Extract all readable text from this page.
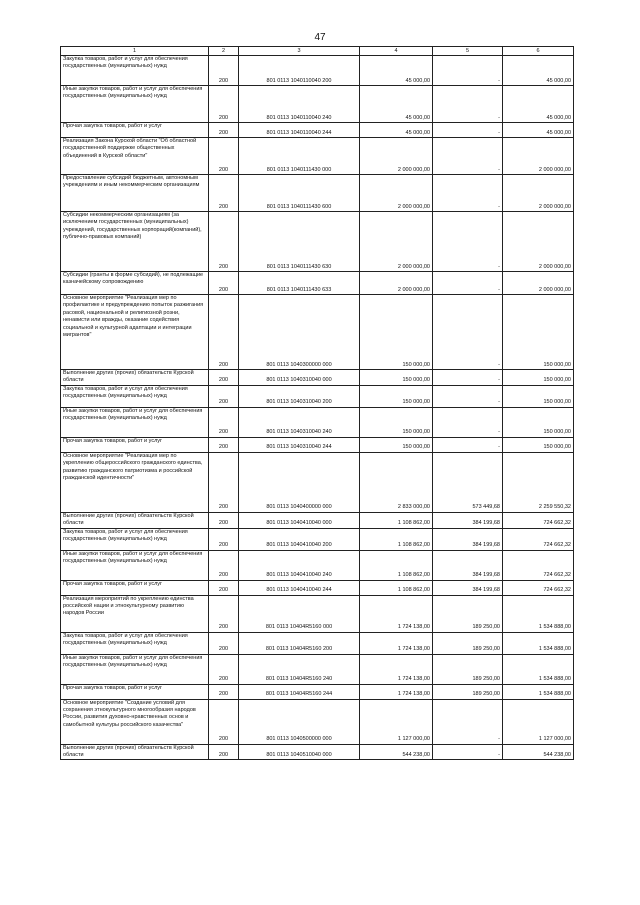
47
1	2	3	4	5	6
Закупка товаров, работ и услуг для обеспечения государственных (муниципальных) нужд	200	801 0113 1040110040 200	45 000,00	-	45 000,00
Иные закупки товаров, работ и услуг для обеспечения государственных (муниципальных) нужд	200	801 0113 1040110040 240	45 000,00	-	45 000,00
Прочая закупка товаров, работ и услуг	200	801 0113 1040110040 244	45 000,00	-	45 000,00
Реализация Закона Курской области "Об областной государственной поддержке общественных объединений в Курской области"	200	801 0113 1040111430 000	2 000 000,00	-	2 000 000,00
Предоставление субсидий бюджетным, автономным учреждениям и иным некоммерческим организациям	200	801 0113 1040111430 600	2 000 000,00	-	2 000 000,00
Субсидии некоммерческим организациям (за исключением государственных (муниципальных) учреждений, государственных корпораций(компаний), публично-правовых компаний)	200	801 0113 1040111430 630	2 000 000,00	-	2 000 000,00
Субсидии (гранты в форме субсидий), не подлежащие казначейскому сопровождению	200	801 0113 1040111430 633	2 000 000,00	-	2 000 000,00
Основное мероприятие "Реализация мер по профилактике и предупреждению попыток разжигания расовой, национальной и религиозной розни, ненависти или вражды, оказание содействия социальной и культурной адаптации и интеграции мигрантов"	200	801 0113 1040300000 000	150 000,00	-	150 000,00
Выполнение других (прочих) обязательств Курской области	200	801 0113 1040310040 000	150 000,00	-	150 000,00
Закупка товаров, работ и услуг для обеспечения государственных (муниципальных) нужд	200	801 0113 1040310040 200	150 000,00	-	150 000,00
Иные закупки товаров, работ и услуг для обеспечения государственных (муниципальных) нужд	200	801 0113 1040310040 240	150 000,00	-	150 000,00
Прочая закупка товаров, работ и услуг	200	801 0113 1040310040 244	150 000,00	-	150 000,00
Основное мероприятие "Реализация мер по укреплению общероссийского гражданского единства, развитию гражданского патриотизма и российской гражданской идентичности"	200	801 0113 1040400000 000	2 833 000,00	573 449,68	2 259 550,32
Выполнение других (прочих) обязательств Курской области	200	801 0113 1040410040 000	1 108 862,00	384 199,68	724 662,32
Закупка товаров, работ и услуг для обеспечения государственных (муниципальных) нужд	200	801 0113 1040410040 200	1 108 862,00	384 199,68	724 662,32
Иные закупки товаров, работ и услуг для обеспечения государственных (муниципальных) нужд	200	801 0113 1040410040 240	1 108 862,00	384 199,68	724 662,32
Прочая закупка товаров, работ и услуг	200	801 0113 1040410040 244	1 108 862,00	384 199,68	724 662,32
Реализация мероприятий по укреплению единства российской нации и этнокультурному развитию народов России	200	801 0113 10404R5160 000	1 724 138,00	189 250,00	1 534 888,00
Закупка товаров, работ и услуг для обеспечения государственных (муниципальных) нужд	200	801 0113 10404R5160 200	1 724 138,00	189 250,00	1 534 888,00
Иные закупки товаров, работ и услуг для обеспечения государственных (муниципальных) нужд	200	801 0113 10404R5160 240	1 724 138,00	189 250,00	1 534 888,00
Прочая закупка товаров, работ и услуг	200	801 0113 10404R5160 244	1 724 138,00	189 250,00	1 534 888,00
Основное мероприятие "Создание условий для сохранения этнокультурного многообразия народов России, развития духовно-нравственных основ и самобытной культуры российского казачества"	200	801 0113 1040500000 000	1 127 000,00	-	1 127 000,00
Выполнение других (прочих) обязательств Курской области	200	801 0113 1040510040 000	544 238,00	-	544 238,00
